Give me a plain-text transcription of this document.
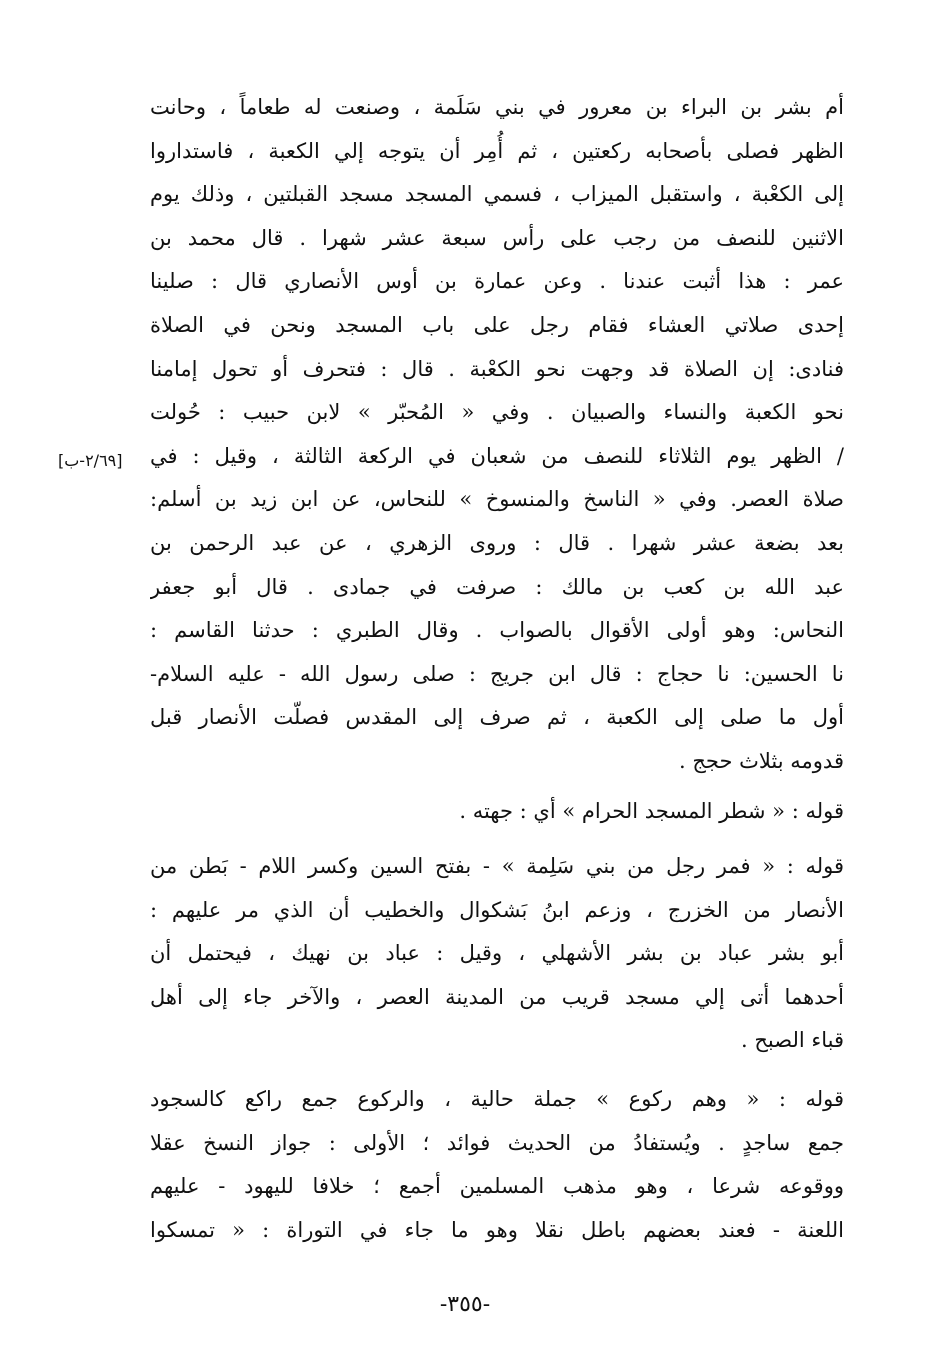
أم بشر بن البراء بن معرور في بني سَلَمة ، وصنعت له طعاماً ، وحانت
الظهر فصلى بأصحابه ركعتين ، ثم أُمِر أن يتوجه إلي الكعبة ، فاستداروا
إلى الكعْبة ، واستقبل الميزاب ، فسمي المسجد مسجد القبلتين ، وذلك يوم
الاثنين للنصف من رجب على رأس سبعة عشر شهرا . قال محمد بن
عمر : هذا أثبت عندنا . وعن عمارة بن أوس الأنصاري قال : صلينا
إحدى صلاتي العشاء فقام رجل على باب المسجد ونحن في الصلاة
فنادى: إن الصلاة قد وجهت نحو الكعْبة . قال : فتحرف أو تحول إمامنا
نحو الكعبة والنساء والصبيان . وفي « المُحبّر » لابن حبيب : حُولت
/ الظهر يوم الثلاثاء للنصف من شعبان في الركعة الثالثة ، وقيل : في
صلاة العصر. وفي « الناسخ والمنسوخ » للنحاس، عن ابن زيد بن أسلم:
بعد بضعة عشر شهرا . قال : وروى الزهري ، عن عبد الرحمن بن
عبد الله بن كعب بن مالك : صرفت في جمادى . قال أبو جعفر
النحاس: وهو أولى الأقوال بالصواب . وقال الطبري : حدثنا القاسم :
نا الحسين: نا حجاج : قال ابن جريج : صلى رسول الله - عليه السلام-
أول ما صلى إلى الكعبة ، ثم صرف إلى المقدس فصلّت الأنصار قبل
قدومه بثلاث حجج .
[٢/٦٩-ب]
قوله : « شطر المسجد الحرام » أي : جهته .
قوله : « فمر رجل من بني سَلِمة » - بفتح السين وكسر اللام - بَطن من
الأنصار من الخزرج ، وزعم ابنُ بَشكوال والخطيب أن الذي مر عليهم :
أبو بشر عباد بن بشر الأشهلي ، وقيل : عباد بن نهيك ، فيحتمل أن
أحدهما أتى إلي مسجد قريب من المدينة العصر ، والآخر جاء إلى أهل
قباء الصبح .
قوله : « وهم ركوع » جملة حالية ، والركوع جمع راكع كالسجود
جمع ساجدٍ . ويُستفادُ من الحديث فوائد ؛ الأولى : جواز النسخ عقلا
ووقوعه شرعا ، وهو مذهب المسلمين أجمع ؛ خلافا لليهود - عليهم
اللعنة - فعند بعضهم باطل نقلا وهو ما جاء في التوراة : « تمسكوا
-٣٥٥-
